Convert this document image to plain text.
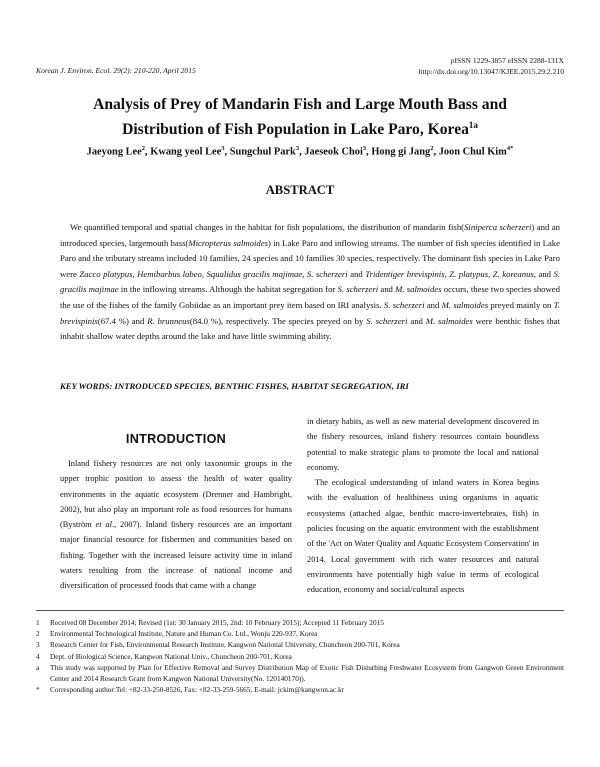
Korean J. Environ. Ecol. 29(2): 210-220, April 2015
pISSN 1229-3857 eISSN 2288-131X
http://dx.doi.org/10.13047/KJEE.2015.29.2.210
Analysis of Prey of Mandarin Fish and Large Mouth Bass and
Distribution of Fish Population in Lake Paro, Korea$^{1a}$
Jaeyong Lee$^2$, Kwang yeol Lee$^3$, Sungchul Park$^3$, Jaeseok Choi$^3$, Hong gi Jang$^2$, Joon Chul Kim$^{4*}$
ABSTRACT
We quantified temporal and spatial changes in the habitat for fish populations, the distribution of mandarin fish(Siniperca scherzeri) and an introduced species, largemouth bass(Micropterus salmoides) in Lake Paro and inflowing streams. The number of fish species identified in Lake Paro and the tributary streams included 10 families, 24 species and 10 families 30 species, respectively. The dominant fish species in Lake Paro were Zacco platypus, Hemibarbus labeo, Squalidus gracilis majimae, S. scherzeri and Tridentiger brevispinis, Z. platypus, Z. koreanus, and S. gracilis majimae in the inflowing streams. Although the habitat segregation for S. scherzeri and M. salmoides occurs, these two species showed the use of the fishes of the family Gobiidae as an important prey item based on IRI analysis. S. scherzeri and M. salmoides preyed mainly on T. brevispinis(67.4 %) and R. brunneus(84.0 %), respectively. The species preyed on by S. scherzeri and M. salmoides were benthic fishes that inhabit shallow water depths around the lake and have little swimming ability.
KEY WORDS: INTRODUCED SPECIES, BENTHIC FISHES, HABITAT SEGREGATION, IRI
INTRODUCTION
Inland fishery resources are not only taxonomic groups in the upper trophic position to assess the health of water quality environments in the aquatic ecosystem (Drenner and Hambright, 2002), but also play an important role as food resources for humans (Byström et al., 2007). Inland fishery resources are an important major financial resource for fishermen and communities based on fishing. Together with the increased leisure activity time in inland waters resulting from the increase of national income and diversification of processed foods that came with a change

in dietary habits, as well as new material development discovered in the fishery resources, inland fishery resources contain boundless potential to make strategic plans to promote the local and national economy.

The ecological understanding of inland waters in Korea begins with the evaluation of healthiness using organisms in aquatic ecosystems (attached algae, benthic macro-invertebrates, fish) in policies focusing on the aquatic environment with the establishment of the 'Act on Water Quality and Aquatic Ecosystem Conservation' in 2014. Local government with rich water resources and natural environments have potentially high value in terms of ecological education, economy and social/cultural aspects

1	Received 08 December 2014; Revised (1st: 30 January 2015, 2nd: 10 February 2015); Accepted 11 February 2015
2	Environmental Technological Institute, Nature and Human Co. Ltd., Wonju 220-937, Korea
3	Research Center for Fish, Environmental Research Institute, Kangwon National University, Chuncheon 200-701, Korea
4	Dept. of Biological Science, Kangwon National Univ., Chuncheon 200-701, Korea
a	This study was supported by Plan for Effective Removal and Survey Distribution Map of Exotic Fish Disturbing Freshwater Ecosystem from Gangwon Green Environment Center and 2014 Research Grant from Kangwon National University(No. 120140170)).
*	Corresponding author:Tel: +82-33-250-8526, Fax: +82-33-259-5665, E-mail: jckim@kangwon.ac.kr
